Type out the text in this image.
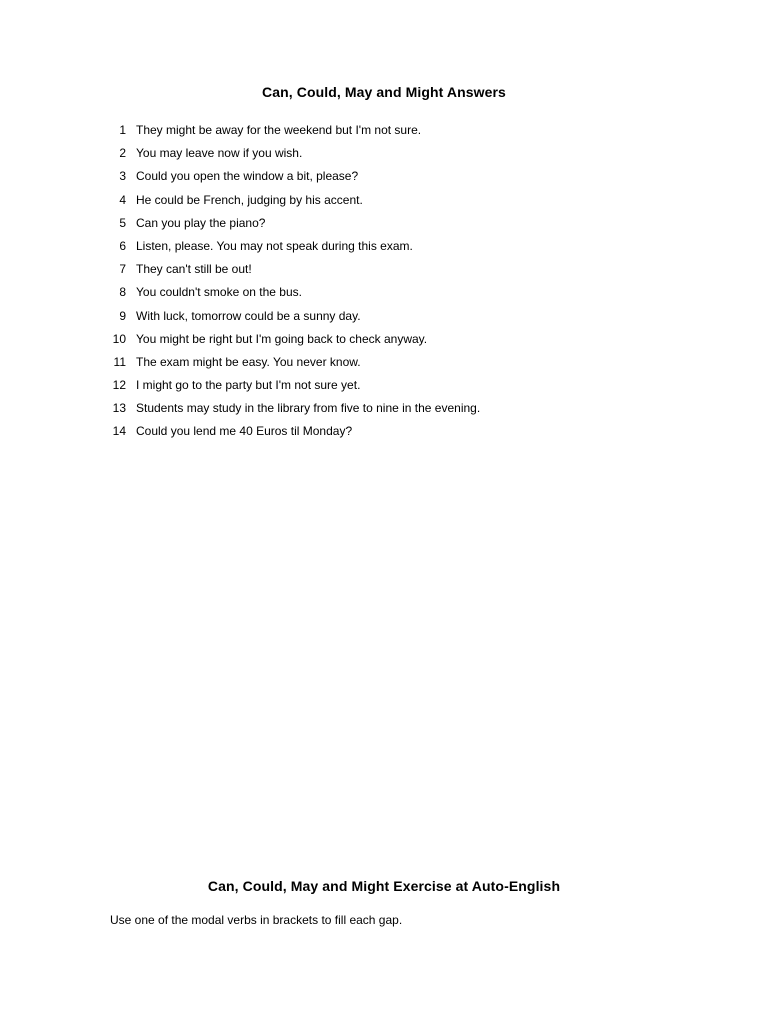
Can, Could, May and Might Answers
1 They might be away for the weekend but I'm not sure.
2 You may leave now if you wish.
3 Could you open the window a bit, please?
4 He could be French, judging by his accent.
5 Can you play the piano?
6 Listen, please. You may not speak during this exam.
7 They can't still be out!
8 You couldn't smoke on the bus.
9 With luck, tomorrow could be a sunny day.
10 You might be right but I'm going back to check anyway.
11 The exam might be easy. You never know.
12 I might go to the party but I'm not sure yet.
13 Students may study in the library from five to nine in the evening.
14 Could you lend me 40 Euros til Monday?
Can, Could, May and Might Exercise at Auto-English
Use one of the modal verbs in brackets to fill each gap.
